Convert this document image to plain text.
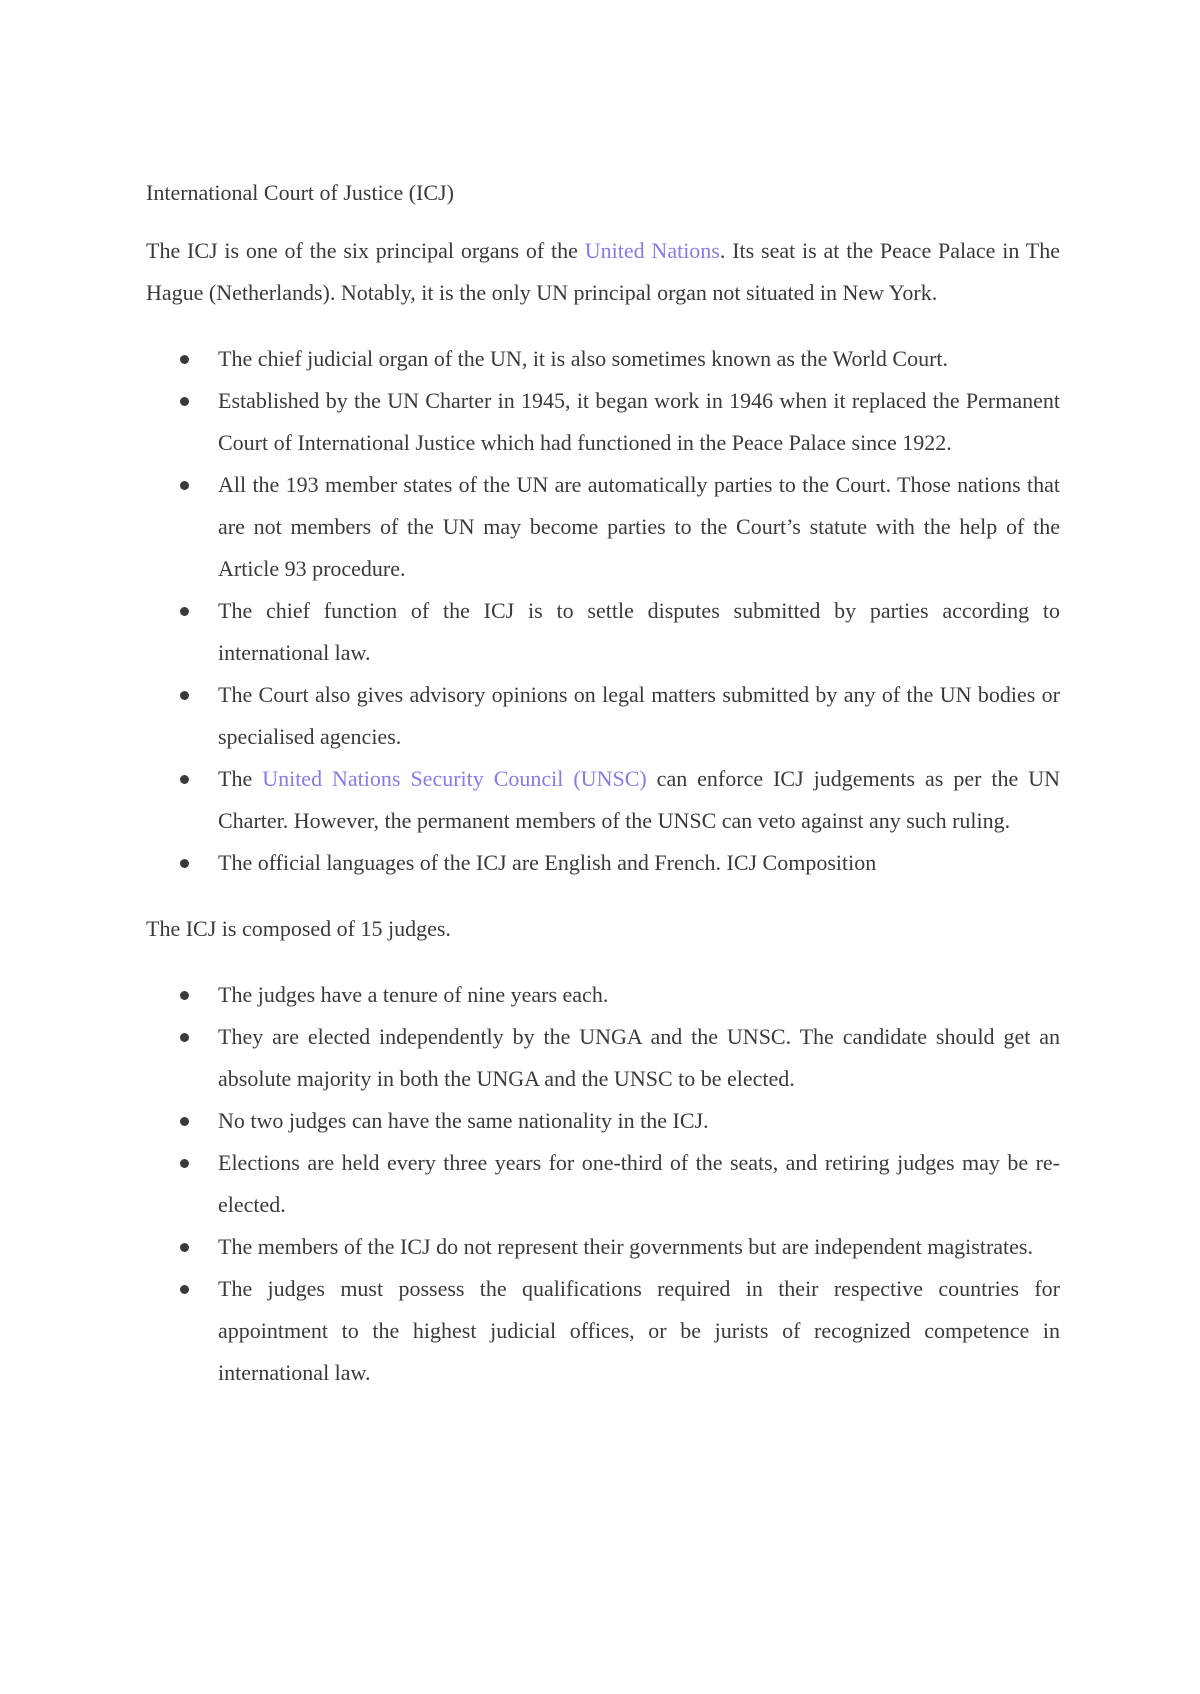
International Court of Justice (ICJ)

The ICJ is one of the six principal organs of the United Nations. Its seat is at the Peace Palace in The Hague (Netherlands). Notably, it is the only UN principal organ not situated in New York.

The chief judicial organ of the UN, it is also sometimes known as the World Court.
Established by the UN Charter in 1945, it began work in 1946 when it replaced the Permanent Court of International Justice which had functioned in the Peace Palace since 1922.
All the 193 member states of the UN are automatically parties to the Court. Those nations that are not members of the UN may become parties to the Court’s statute with the help of the Article 93 procedure.
The chief function of the ICJ is to settle disputes submitted by parties according to international law.
The Court also gives advisory opinions on legal matters submitted by any of the UN bodies or specialised agencies.
The United Nations Security Council (UNSC) can enforce ICJ judgements as per the UN Charter. However, the permanent members of the UNSC can veto against any such ruling.
The official languages of the ICJ are English and French. ICJ Composition

The ICJ is composed of 15 judges.

The judges have a tenure of nine years each.
They are elected independently by the UNGA and the UNSC. The candidate should get an absolute majority in both the UNGA and the UNSC to be elected.
No two judges can have the same nationality in the ICJ.
Elections are held every three years for one-third of the seats, and retiring judges may be re-elected.
The members of the ICJ do not represent their governments but are independent magistrates.
The judges must possess the qualifications required in their respective countries for appointment to the highest judicial offices, or be jurists of recognized competence in international law.
